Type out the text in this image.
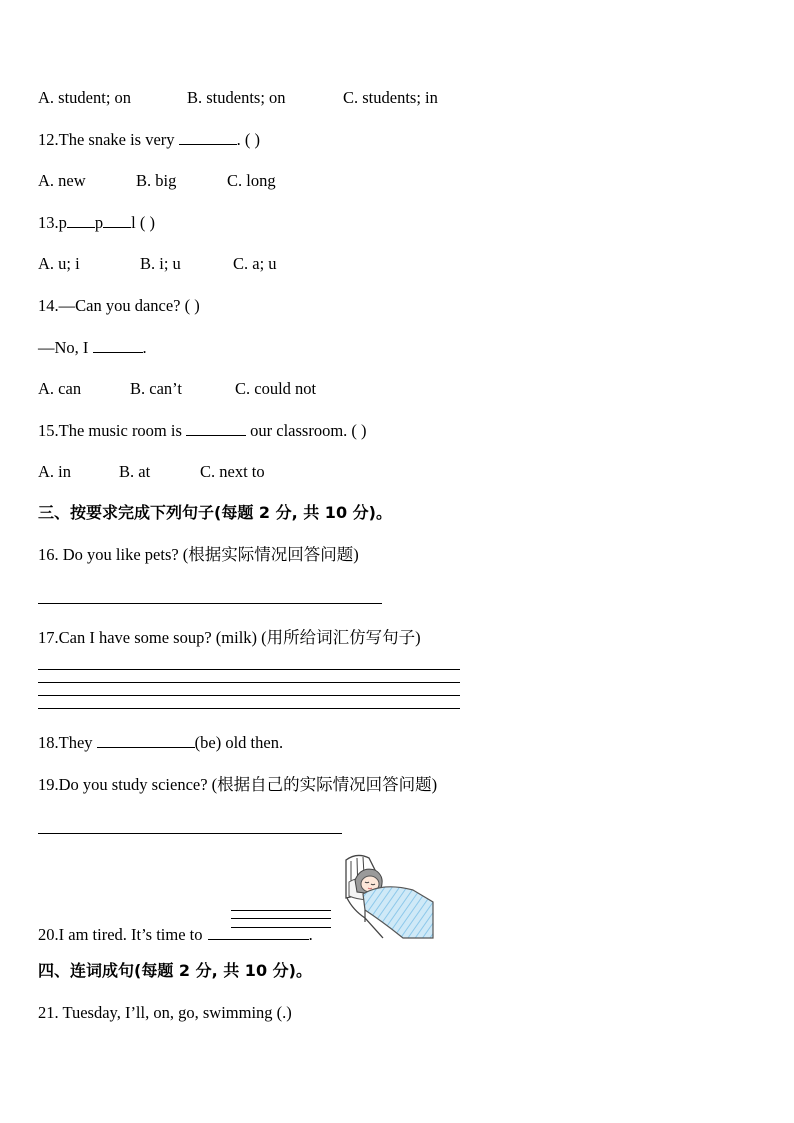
A. student; on	B. students; on	C. students; in
12.The snake is very	. ( )
A. new	B. big	C. long
13.p p l ( )
A. u; i	B. i; u	C. a; u
14.—Can you dance? ( )
—No, I	.
A. can	B. can’t	C. could not
15.The music room is	our classroom. ( )
A. in	B. at	C. next to
三、按要求完成下列句子(每题 2 分, 共 10 分)。
16. Do you like pets? (根据实际情况回答问题)
17.Can I have some soup? (milk) (用所给词汇仿写句子)
18.They	(be) old then.
19.Do you study science? (根据自己的实际情况回答问题)
20.I am tired. It’s time to	.
四、连词成句(每题 2 分, 共 10 分)。
21. Tuesday, I’ll, on, go, swimming (.)
